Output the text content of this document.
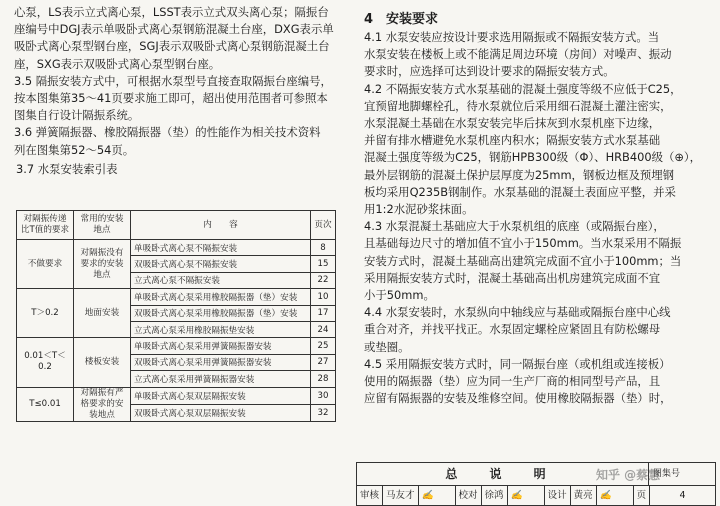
心泵，LS表示立式离心泵，LSST表示立式双头离心泵；隔振台
座编号中DGJ表示单吸卧式离心泵钢筋混凝土台座，DXG表示单
吸卧式离心泵型钢台座，SGJ表示双吸卧式离心泵钢筋混凝土台
座，SXG表示双吸卧式离心泵型钢台座。

3.5 隔振安装方式中，可根据水泵型号直接查取隔振台座编号，
按本图集第35～41页要求施工即可，超出使用范围者可参照本
图集自行设计隔振系统。

3.6 弹簧隔振器、橡胶隔振器（垫）的性能作为相关技术资料
列在图集第52～54页。

3.7 水泵安装索引表

对隔振传递比T值的要求	常用的安装地点	内　　容	页次
不做要求	对隔振没有要求的安装地点	单吸卧式离心泵不隔振安装	8
		双吸卧式离心泵不隔振安装	15
		立式离心泵不隔振安装	22
T＞0.2	地面安装	单吸卧式离心泵采用橡胶隔振器（垫）安装	10
		双吸卧式离心泵采用橡胶隔振器（垫）安装	17
		立式离心泵采用橡胶隔振垫安装	24
0.01＜T＜0.2	楼板安装	单吸卧式离心泵采用弹簧隔振器安装	25
		双吸卧式离心泵采用弹簧隔振器安装	27
		立式离心泵采用弹簧隔振器安装	28
T≤0.01	对隔振有严格要求的安装地点	单吸卧式离心泵双层隔振安装	30
		双吸卧式离心泵双层隔振安装	32
4　安装要求

4.1 水泵安装应按设计要求选用隔振或不隔振安装方式。当
水泵安装在楼板上或不能满足周边环境（房间）对噪声、振动
要求时，应选择可达到设计要求的隔振安装方式。

4.2 不隔振安装方式水泵基础的混凝土强度等级不应低于C25，
宜预留地脚螺栓孔，待水泵就位后采用细石混凝土灌注密实，
水泵混凝土基础在水泵安装完毕后抹灰到水泵机座下边缘，
并留有排水槽避免水泵机座内积水；隔振安装方式水泵基础
混凝土强度等级为C25，钢筋HPB300级（Φ）、HRB400级（⊕），
最外层钢筋的混凝土保护层厚度为25mm，钢板边框及预埋钢
板均采用Q235B钢制作。水泵基础的混凝土表面应平整，并采
用1:2水泥砂浆抹面。

4.3 水泵混凝土基础应大于水泵机组的底座（或隔振台座），
且基础每边尺寸的增加值不宜小于150mm。当水泵采用不隔振
安装方式时，混凝土基础高出建筑完成面不宜小于100mm；当
采用隔振安装方式时，混凝土基础高出机房建筑完成面不宜
小于50mm。

4.4 水泵安装时，水泵纵向中轴线应与基础或隔振台座中心线
重合对齐，并找平找正。水泵固定螺栓应紧固且有防松螺母
或垫圈。

4.5 采用隔振安装方式时，同一隔振台座（或机组或连接板）
使用的隔振器（垫）应为同一生产厂商的相同型号产品，且
应留有隔振器的安装及维修空间。使用橡胶隔振器（垫）时，

总 说 明	图集号
审核 马友才 ✍	校对 徐鸿 ✍	设计 黄亮 ✍	页	4
知乎 @蔡慧
